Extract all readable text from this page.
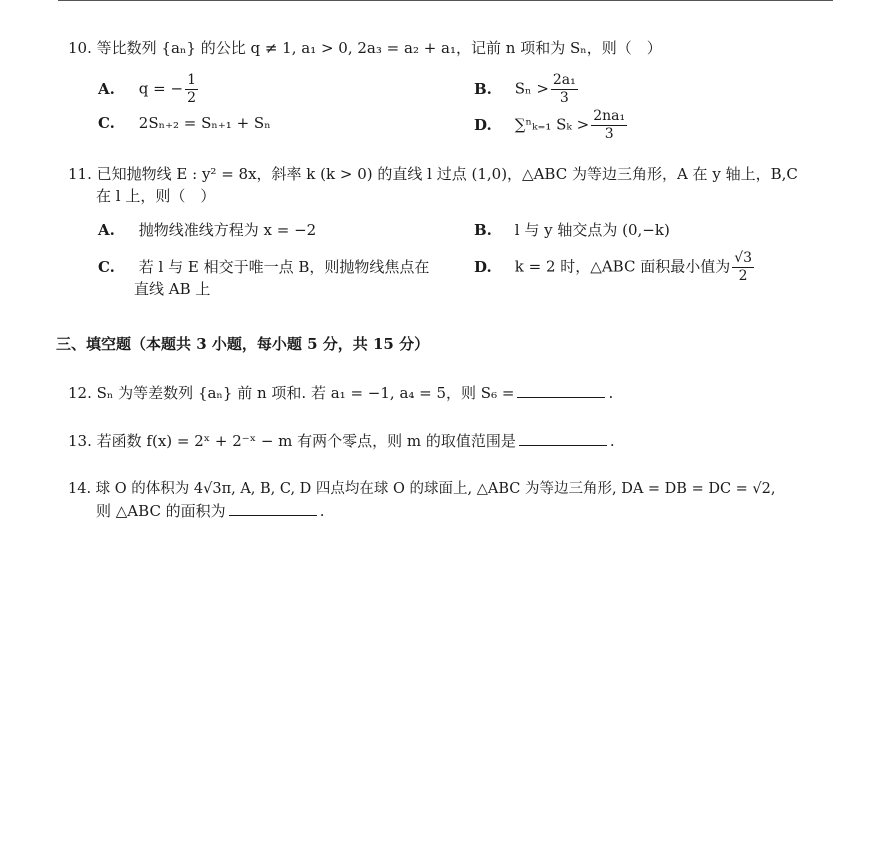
10. 等比数列 {aₙ} 的公比 q ≠ 1, a₁ > 0, 2a₃ = a₂ + a₁，记前 n 项和为 Sₙ，则（　）
A. q = − $\frac{1}{2}$	B. $S_n > \frac{\text{2a₁}}{3}$
C. 2Sₙ₊₂ = Sₙ₊₁ + Sₙ	D. ∑ⁿₖ₌₁ $S_k > \frac{\text{2na₁}}{3}$
11. 已知抛物线 E : y² = 8x，斜率 k (k > 0) 的直线 l 过点 (1,0)，△ABC 为等边三角形，A 在 y 轴上，B,C
在 l 上，则（　）
A. 抛物线准线方程为 x = −2	B. l 与 y 轴交点为 (0,−k)
C. 若 l 与 E 相交于唯一点 B，则抛物线焦点在
直线 AB 上
D. k = 2 时，△ABC 面积最小值为 $\frac{√3}{2}$
三、填空题（本题共 3 小题，每小题 5 分，共 15 分）
12. Sₙ 为等差数列 {aₙ} 前 n 项和. 若 a₁ = −1, a₄ = 5，则 S₆ =	.
13. 若函数 f(x) = 2ˣ + 2⁻ˣ − m 有两个零点，则 m 的取值范围是	.
14. 球 O 的体积为 4√3π, A, B, C, D 四点均在球 O 的球面上, △ABC 为等边三角形, DA = DB = DC = √2,
则 △ABC 的面积为	.
